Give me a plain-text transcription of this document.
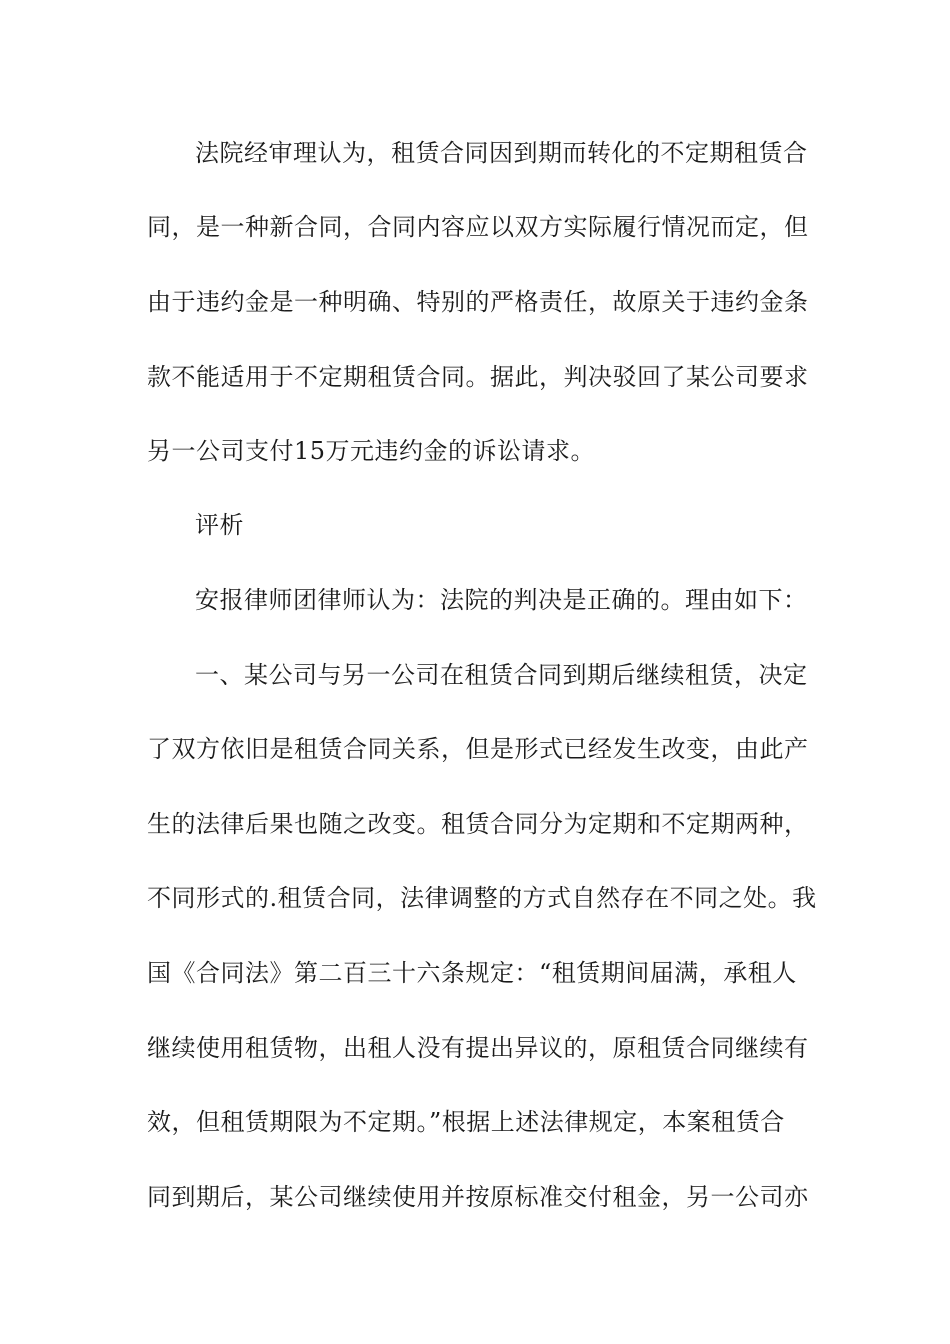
法院经审理认为，租赁合同因到期而转化的不定期租赁合
同，是一种新合同，合同内容应以双方实际履行情况而定，但
由于违约金是一种明确、特别的严格责任，故原关于违约金条
款不能适用于不定期租赁合同。据此，判决驳回了某公司要求
另一公司支付15万元违约金的诉讼请求。
评析
安报律师团律师认为：法院的判决是正确的。理由如下：
一、某公司与另一公司在租赁合同到期后继续租赁，决定
了双方依旧是租赁合同关系，但是形式已经发生改变，由此产
生的法律后果也随之改变。租赁合同分为定期和不定期两种，
不同形式的.租赁合同，法律调整的方式自然存在不同之处。我
国《合同法》第二百三十六条规定：“租赁期间届满，承租人
继续使用租赁物，出租人没有提出异议的，原租赁合同继续有
效，但租赁期限为不定期。”根据上述法律规定，本案租赁合
同到期后，某公司继续使用并按原标准交付租金，另一公司亦
